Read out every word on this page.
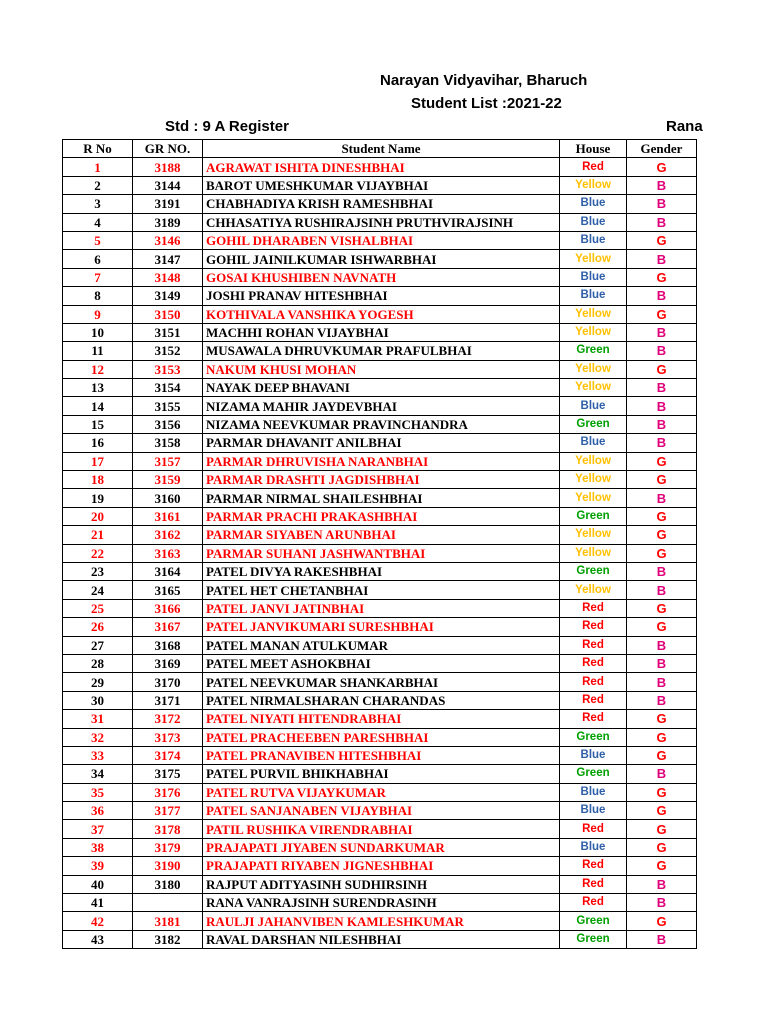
Narayan Vidyavihar, Bharuch
Student List :2021-22
Std : 9 A Register	Rana
R No	GR NO.	Student Name	House	Gender
1	3188	AGRAWAT ISHITA DINESHBHAI	Red	G
2	3144	BAROT UMESHKUMAR VIJAYBHAI	Yellow	B
3	3191	CHABHADIYA KRISH RAMESHBHAI	Blue	B
4	3189	CHHASATIYA RUSHIRAJSINH PRUTHVIRAJSINH	Blue	B
5	3146	GOHIL DHARABEN VISHALBHAI	Blue	G
6	3147	GOHIL JAINILKUMAR ISHWARBHAI	Yellow	B
7	3148	GOSAI KHUSHIBEN NAVNATH	Blue	G
8	3149	JOSHI PRANAV HITESHBHAI	Blue	B
9	3150	KOTHIVALA VANSHIKA YOGESH	Yellow	G
10	3151	MACHHI ROHAN VIJAYBHAI	Yellow	B
11	3152	MUSAWALA DHRUVKUMAR PRAFULBHAI	Green	B
12	3153	NAKUM KHUSI MOHAN	Yellow	G
13	3154	NAYAK DEEP BHAVANI	Yellow	B
14	3155	NIZAMA MAHIR JAYDEVBHAI	Blue	B
15	3156	NIZAMA NEEVKUMAR PRAVINCHANDRA	Green	B
16	3158	PARMAR DHAVANIT ANILBHAI	Blue	B
17	3157	PARMAR DHRUVISHA NARANBHAI	Yellow	G
18	3159	PARMAR DRASHTI JAGDISHBHAI	Yellow	G
19	3160	PARMAR NIRMAL SHAILESHBHAI	Yellow	B
20	3161	PARMAR PRACHI PRAKASHBHAI	Green	G
21	3162	PARMAR SIYABEN ARUNBHAI	Yellow	G
22	3163	PARMAR SUHANI JASHWANTBHAI	Yellow	G
23	3164	PATEL DIVYA RAKESHBHAI	Green	B
24	3165	PATEL HET CHETANBHAI	Yellow	B
25	3166	PATEL JANVI JATINBHAI	Red	G
26	3167	PATEL JANVIKUMARI SURESHBHAI	Red	G
27	3168	PATEL MANAN ATULKUMAR	Red	B
28	3169	PATEL MEET ASHOKBHAI	Red	B
29	3170	PATEL NEEVKUMAR SHANKARBHAI	Red	B
30	3171	PATEL NIRMALSHARAN CHARANDAS	Red	B
31	3172	PATEL NIYATI HITENDRABHAI	Red	G
32	3173	PATEL PRACHEEBEN PARESHBHAI	Green	G
33	3174	PATEL PRANAVIBEN HITESHBHAI	Blue	G
34	3175	PATEL PURVIL BHIKHABHAI	Green	B
35	3176	PATEL RUTVA VIJAYKUMAR	Blue	G
36	3177	PATEL SANJANABEN VIJAYBHAI	Blue	G
37	3178	PATIL RUSHIKA VIRENDRABHAI	Red	G
38	3179	PRAJAPATI JIYABEN SUNDARKUMAR	Blue	G
39	3190	PRAJAPATI RIYABEN JIGNESHBHAI	Red	G
40	3180	RAJPUT ADITYASINH SUDHIRSINH	Red	B
41		RANA VANRAJSINH SURENDRASINH	Red	B
42	3181	RAULJI JAHANVIBEN KAMLESHKUMAR	Green	G
43	3182	RAVAL DARSHAN NILESHBHAI	Green	B
